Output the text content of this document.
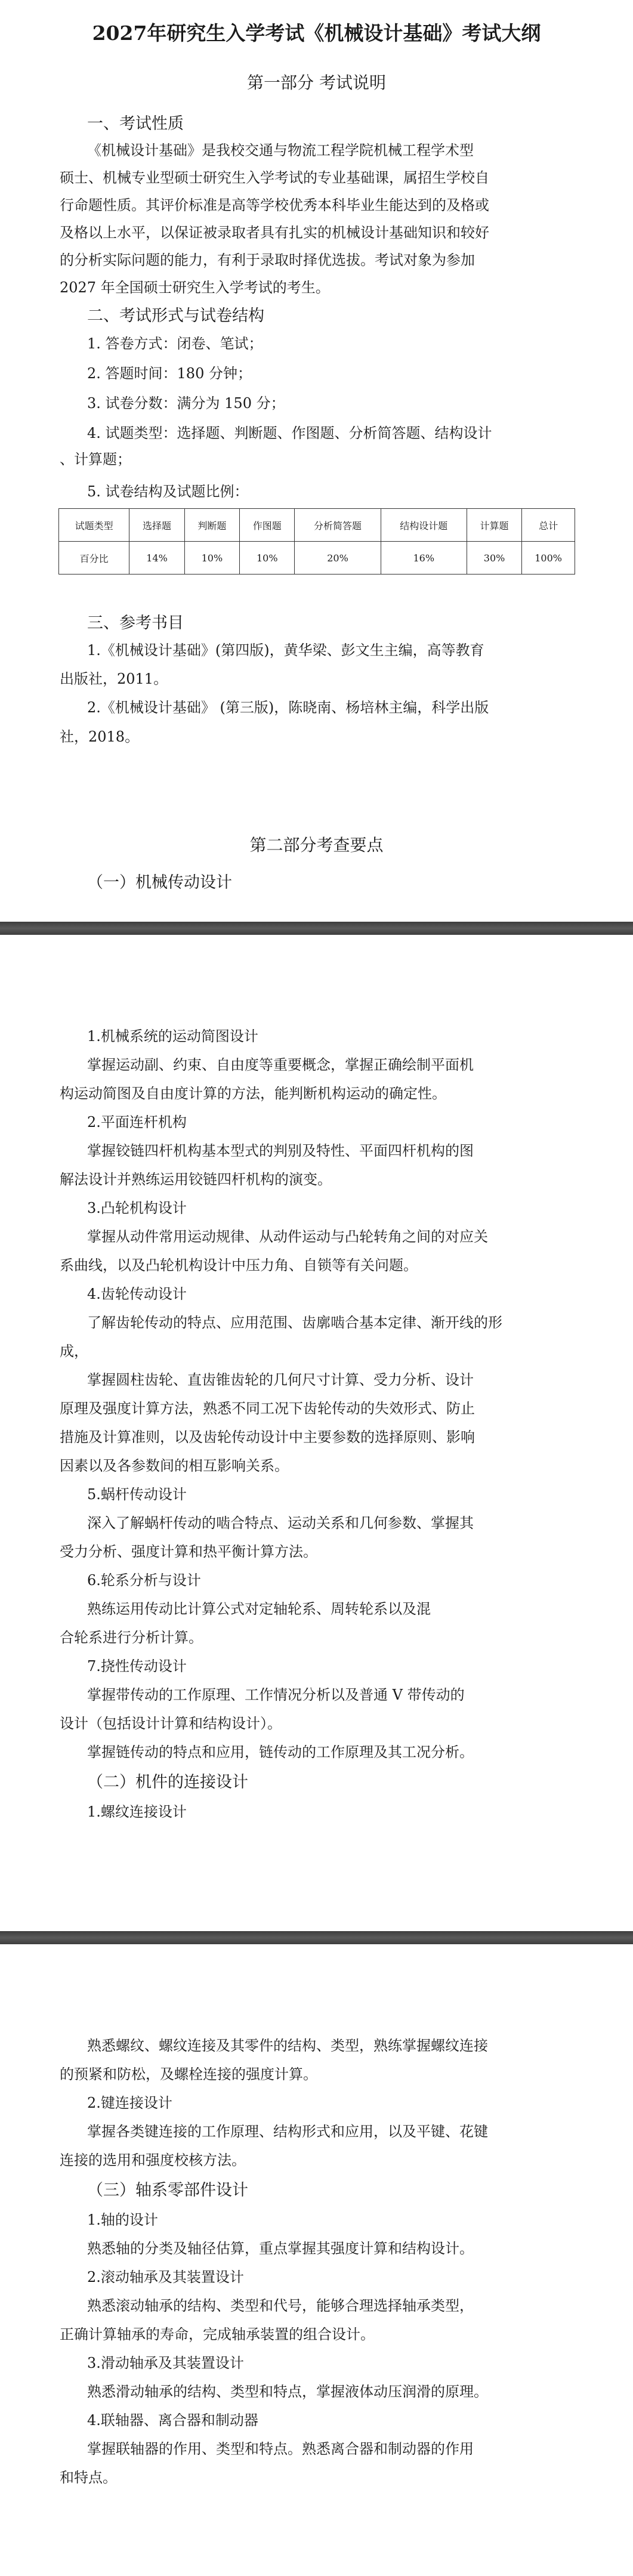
2027年研究生入学考试《机械设计基础》考试大纲
第一部分 考试说明
一、考试性质
《机械设计基础》是我校交通与物流工程学院机械工程学术型
硕士、机械专业型硕士研究生入学考试的专业基础课，属招生学校自
行命题性质。其评价标准是高等学校优秀本科毕业生能达到的及格或
及格以上水平，以保证被录取者具有扎实的机械设计基础知识和较好
的分析实际问题的能力，有利于录取时择优选拔。考试对象为参加
2027 年全国硕士研究生入学考试的考生。
二、考试形式与试卷结构
1. 答卷方式：闭卷、笔试；
2. 答题时间：180 分钟；
3. 试卷分数：满分为 150 分；
4. 试题类型：选择题、判断题、作图题、分析简答题、结构设计
、计算题；
5. 试卷结构及试题比例：
试题类型	选择题	判断题	作图题	分析简答题	结构设计题	计算题	总计
百分比	14%	10%	10%	20%	16%	30%	100%
三、参考书目
1.《机械设计基础》(第四版)，黄华梁、彭文生主编，高等教育
出版社，2011。
2.《机械设计基础》 (第三版)，陈晓南、杨培林主编，科学出版
社，2018。
第二部分考查要点
（一）机械传动设计
1.机械系统的运动简图设计
掌握运动副、约束、自由度等重要概念，掌握正确绘制平面机
构运动简图及自由度计算的方法，能判断机构运动的确定性。
2.平面连杆机构
掌握铰链四杆机构基本型式的判别及特性、平面四杆机构的图
解法设计并熟练运用铰链四杆机构的演变。
3.凸轮机构设计
掌握从动件常用运动规律、从动件运动与凸轮转角之间的对应关
系曲线，以及凸轮机构设计中压力角、自锁等有关问题。
4.齿轮传动设计
了解齿轮传动的特点、应用范围、齿廓啮合基本定律、渐开线的形
成，
掌握圆柱齿轮、直齿锥齿轮的几何尺寸计算、受力分析、设计
原理及强度计算方法，熟悉不同工况下齿轮传动的失效形式、防止
措施及计算准则，以及齿轮传动设计中主要参数的选择原则、影响
因素以及各参数间的相互影响关系。
5.蜗杆传动设计
深入了解蜗杆传动的啮合特点、运动关系和几何参数、掌握其
受力分析、强度计算和热平衡计算方法。
6.轮系分析与设计
熟练运用传动比计算公式对定轴轮系、周转轮系以及混
合轮系进行分析计算。
7.挠性传动设计
掌握带传动的工作原理、工作情况分析以及普通 V 带传动的
设计（包括设计计算和结构设计）。
掌握链传动的特点和应用，链传动的工作原理及其工况分析。
（二）机件的连接设计
1.螺纹连接设计
熟悉螺纹、螺纹连接及其零件的结构、类型，熟练掌握螺纹连接
的预紧和防松，及螺栓连接的强度计算。
2.键连接设计
掌握各类键连接的工作原理、结构形式和应用，以及平键、花键
连接的选用和强度校核方法。
（三）轴系零部件设计
1.轴的设计
熟悉轴的分类及轴径估算，重点掌握其强度计算和结构设计。
2.滚动轴承及其装置设计
熟悉滚动轴承的结构、类型和代号，能够合理选择轴承类型，
正确计算轴承的寿命，完成轴承装置的组合设计。
3.滑动轴承及其装置设计
熟悉滑动轴承的结构、类型和特点，掌握液体动压润滑的原理。
4.联轴器、离合器和制动器
掌握联轴器的作用、类型和特点。熟悉离合器和制动器的作用
和特点。
